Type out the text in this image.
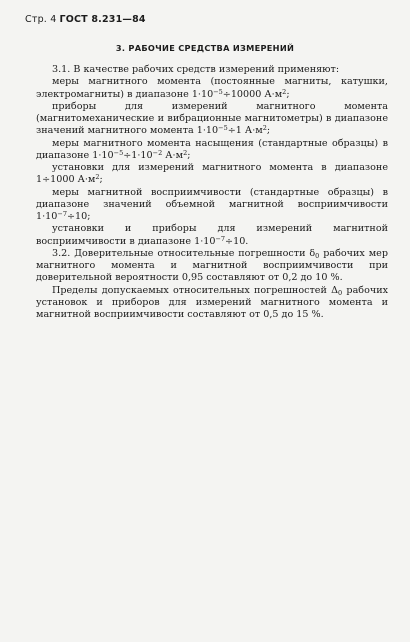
Стр. 4 ГОСТ 8.231—84
3. РАБОЧИЕ СРЕДСТВА ИЗМЕРЕНИЙ

3.1. В качестве рабочих средств измерений применяют:

меры магнитного момента (постоянные магниты, катушки, электромагниты) в диапазоне $1\cdot 10^{-5}\div 10000$ $А\cdot м^2$;

приборы для измерений магнитного момента (магнитомеханические и вибрационные магнитометры) в диапазоне значений магнитного момента $1\cdot 10^{-5}\div 1$ $А\cdot м^2$;

меры магнитного момента насыщения (стандартные образцы) в диапазоне $1\cdot 10^{-5}\div 1\cdot 10^{-2}$ $А\cdot м^2$;

установки для измерений магнитного момента в диапазоне 1÷1000 $А\cdot м^2$;

меры магнитной восприимчивости (стандартные образцы) в диапазоне значений объемной магнитной восприимчивости $1\cdot 10^{-7}\div 10$;

установки и приборы для измерений магнитной восприимчивости в диапазоне $1\cdot 10^{-7}\div 10$.

3.2. Доверительные относительные погрешности $\delta_0$ рабочих мер магнитного момента и магнитной восприимчивости при доверительной вероятности 0,95 составляют от 0,2 до 10 %.

Пределы допускаемых относительных погрешностей $\Delta_0$ рабочих установок и приборов для измерений магнитного момента и магнитной восприимчивости составляют от 0,5 до 15 %.
